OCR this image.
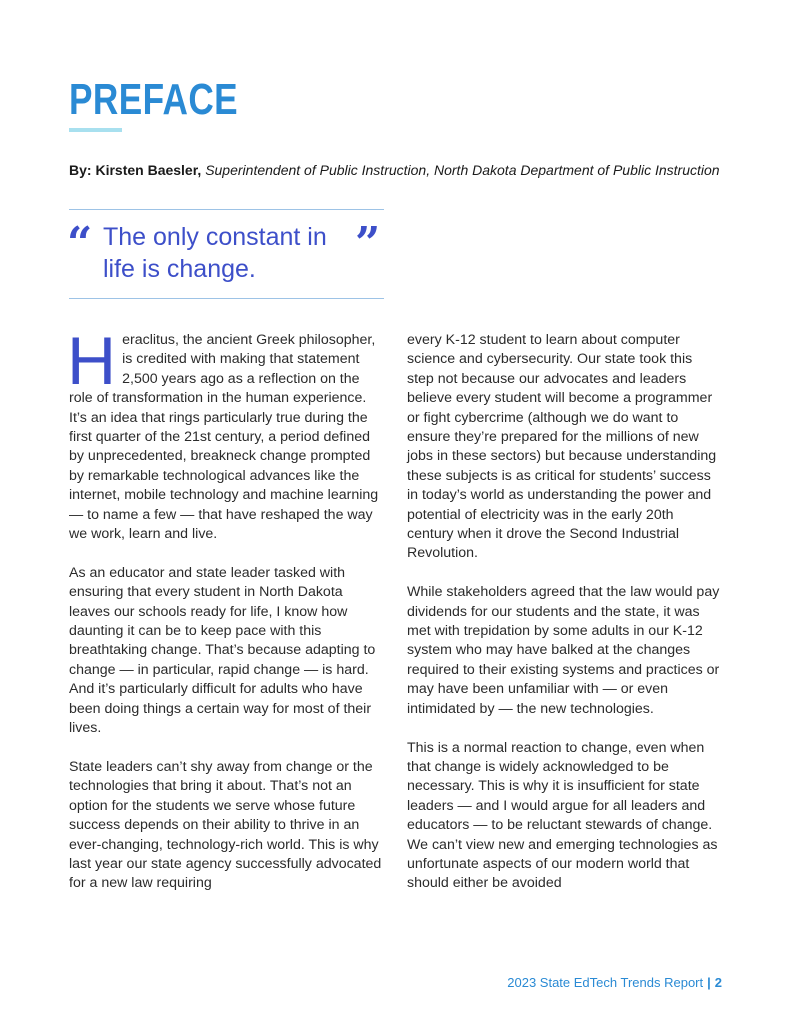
PREFACE

By: Kirsten Baesler, Superintendent of Public Instruction, North Dakota Department of Public Instruction

“ The only constant in life is change.	”

Heraclitus, the ancient Greek philosopher, is credited with making that statement 2,500 years ago as a reflection on the role of transformation in the human experience. It’s an idea that rings particularly true during the first quarter of the 21st century, a period defined by unprecedented, breakneck change prompted by remarkable technological advances like the internet, mobile technology and machine learning — to name a few — that have reshaped the way we work, learn and live.

As an educator and state leader tasked with ensuring that every student in North Dakota leaves our schools ready for life, I know how daunting it can be to keep pace with this breathtaking change. That’s because adapting to change — in particular, rapid change — is hard. And it’s particularly difficult for adults who have been doing things a certain way for most of their lives.

State leaders can’t shy away from change or the technologies that bring it about. That’s not an option for the students we serve whose future success depends on their ability to thrive in an ever-changing, technology-rich world. This is why last year our state agency successfully advocated for a new law requiring

every K-12 student to learn about computer science and cybersecurity. Our state took this step not because our advocates and leaders believe every student will become a programmer or fight cybercrime (although we do want to ensure they’re prepared for the millions of new jobs in these sectors) but because understanding these subjects is as critical for students’ success in today’s world as understanding the power and potential of electricity was in the early 20th century when it drove the Second Industrial Revolution.

While stakeholders agreed that the law would pay dividends for our students and the state, it was met with trepidation by some adults in our K-12 system who may have balked at the changes required to their existing systems and practices or may have been unfamiliar with — or even intimidated by — the new technologies.

This is a normal reaction to change, even when that change is widely acknowledged to be necessary. This is why it is insufficient for state leaders — and I would argue for all leaders and educators — to be reluctant stewards of change. We can’t view new and emerging technologies as unfortunate aspects of our modern world that should either be avoided

2023 State EdTech Trends Report | 2
